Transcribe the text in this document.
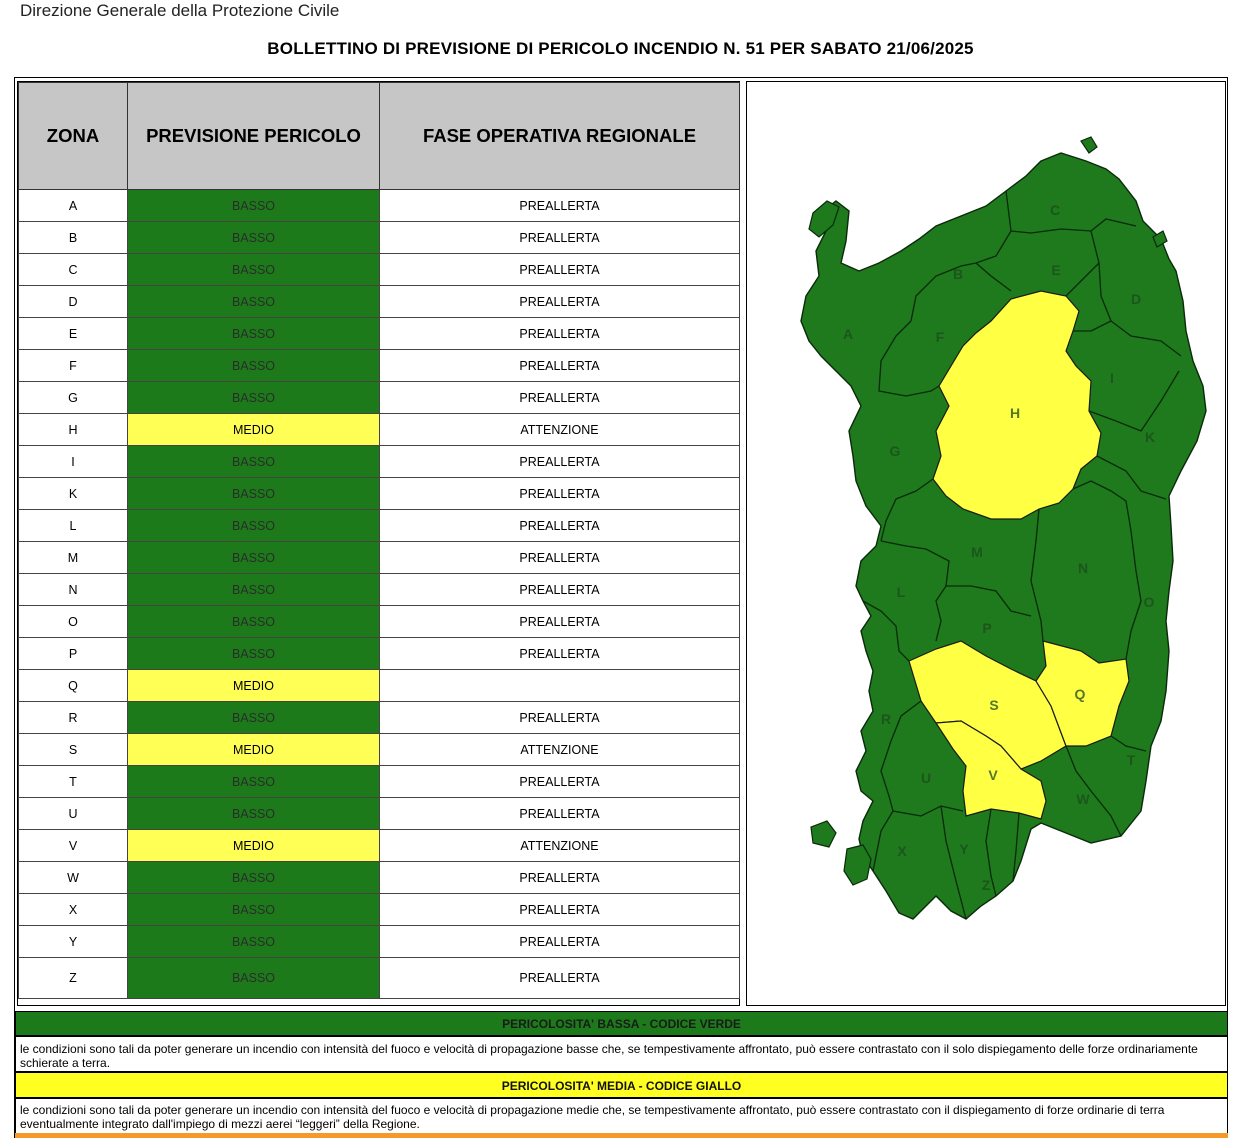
Direzione Generale della Protezione Civile
BOLLETTINO DI PREVISIONE DI PERICOLO INCENDIO N. 51 PER SABATO 21/06/2025
ZONA	PREVISIONE PERICOLO	FASE OPERATIVA REGIONALE
A	BASSO	PREALLERTA
B	BASSO	PREALLERTA
C	BASSO	PREALLERTA
D	BASSO	PREALLERTA
E	BASSO	PREALLERTA
F	BASSO	PREALLERTA
G	BASSO	PREALLERTA
H	MEDIO	ATTENZIONE
I	BASSO	PREALLERTA
K	BASSO	PREALLERTA
L	BASSO	PREALLERTA
M	BASSO	PREALLERTA
N	BASSO	PREALLERTA
O	BASSO	PREALLERTA
P	BASSO	PREALLERTA
Q	MEDIO	
R	BASSO	PREALLERTA
S	MEDIO	ATTENZIONE
T	BASSO	PREALLERTA
U	BASSO	PREALLERTA
V	MEDIO	ATTENZIONE
W	BASSO	PREALLERTA
X	BASSO	PREALLERTA
Y	BASSO	PREALLERTA
Z	BASSO	PREALLERTA
A
B
C
D
E
F
G
H
I
K
L
M
N
O
P
Q
R
S
T
U	V
W
X	Y
Z
PERICOLOSITA' BASSA - CODICE VERDE
le condizioni sono tali da poter generare un incendio con intensità del fuoco e velocità di propagazione basse che, se tempestivamente affrontato, può essere contrastato con il solo dispiegamento delle forze ordinariamente schierate a terra.
PERICOLOSITA' MEDIA - CODICE GIALLO
le condizioni sono tali da poter generare un incendio con intensità del fuoco e velocità di propagazione medie che, se tempestivamente affrontato, può essere contrastato con il dispiegamento di forze ordinarie di terra eventualmente integrato dall'impiego di mezzi aerei “leggeri” della Regione.
